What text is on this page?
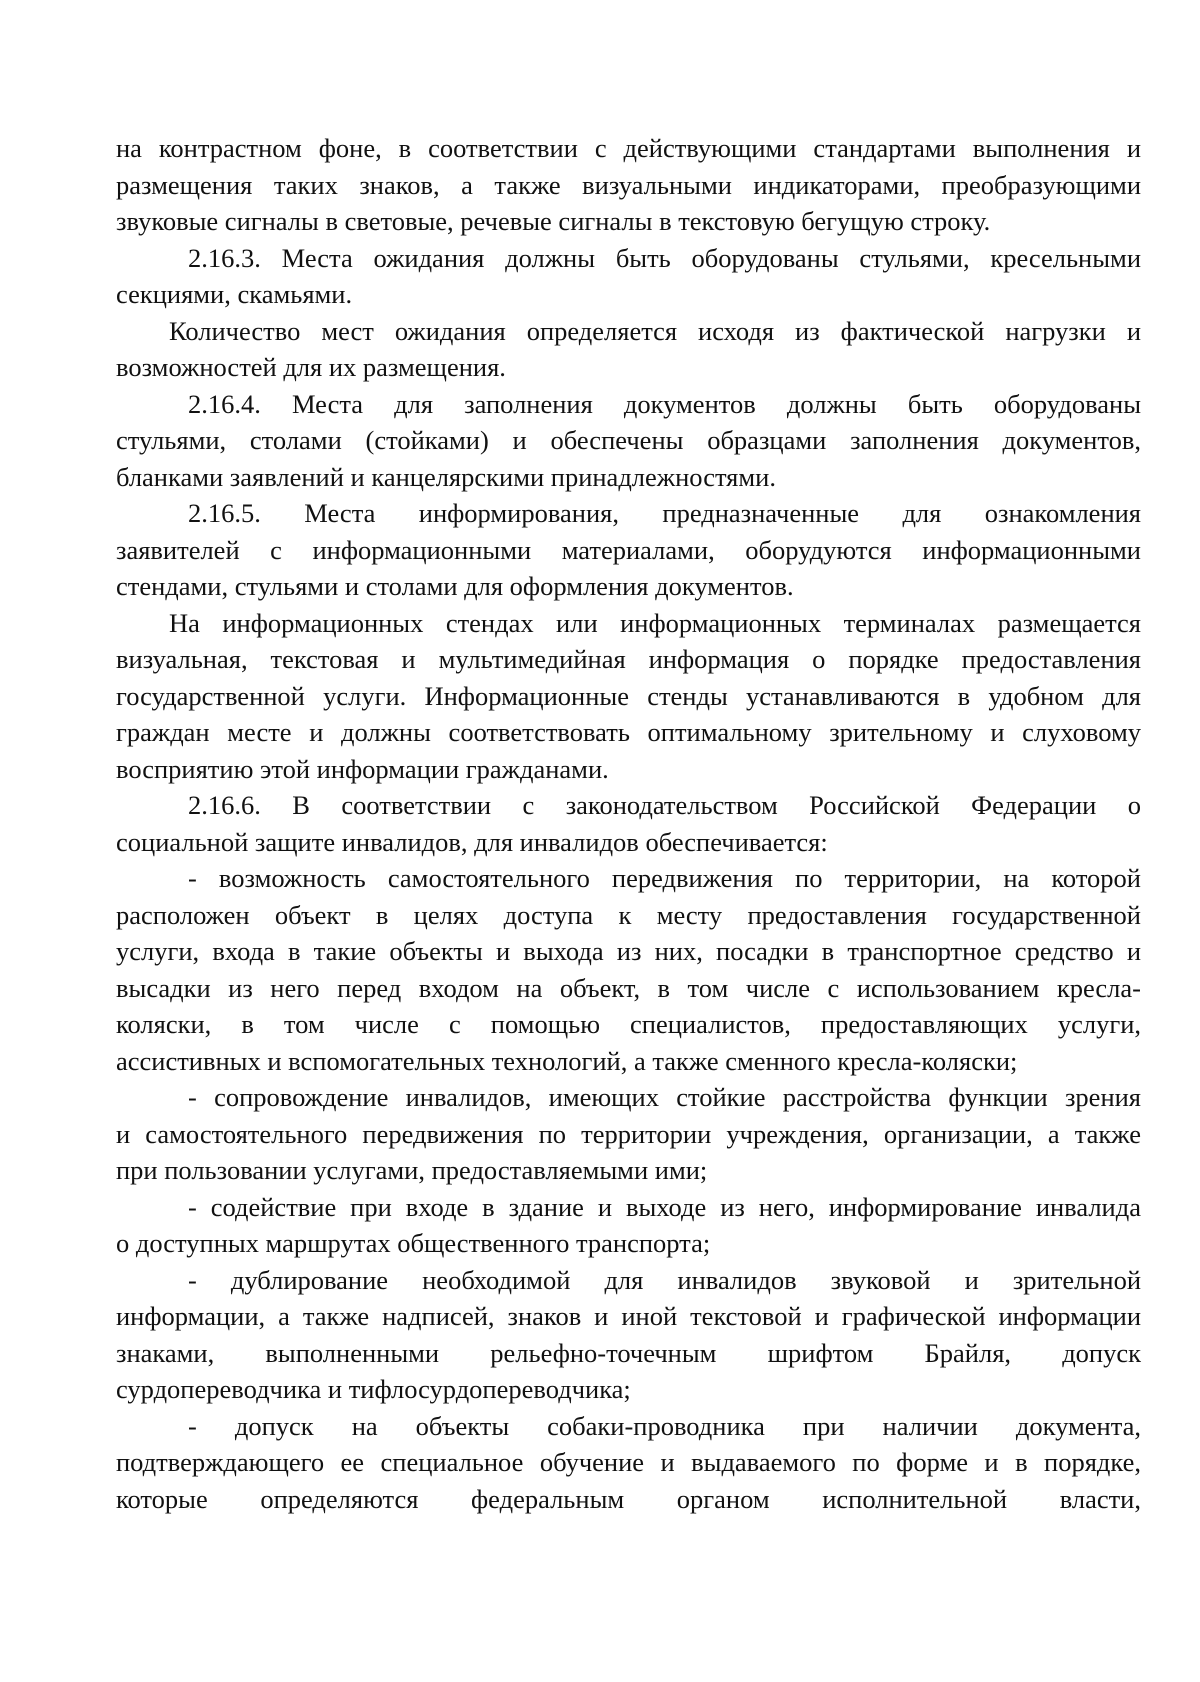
на контрастном фоне, в соответствии с действующими стандартами выполнения и
размещения таких знаков, а также визуальными индикаторами, преобразующими
звуковые сигналы в световые, речевые сигналы в текстовую бегущую строку.
2.16.3. Места ожидания должны быть оборудованы стульями, кресельными
секциями, скамьями.
Количество мест ожидания определяется исходя из фактической нагрузки и
возможностей для их размещения.
2.16.4. Места для заполнения документов должны быть оборудованы
стульями, столами (стойками) и обеспечены образцами заполнения документов,
бланками заявлений и канцелярскими принадлежностями.
2.16.5. Места информирования, предназначенные для ознакомления
заявителей с информационными материалами, оборудуются информационными
стендами, стульями и столами для оформления документов.
На информационных стендах или информационных терминалах размещается
визуальная, текстовая и мультимедийная информация о порядке предоставления
государственной услуги. Информационные стенды устанавливаются в удобном для
граждан месте и должны соответствовать оптимальному зрительному и слуховому
восприятию этой информации гражданами.
2.16.6. В соответствии с законодательством Российской Федерации о
социальной защите инвалидов, для инвалидов обеспечивается:
- возможность самостоятельного передвижения по территории, на которой
расположен объект в целях доступа к месту предоставления государственной
услуги, входа в такие объекты и выхода из них, посадки в транспортное средство и
высадки из него перед входом на объект, в том числе с использованием кресла-
коляски, в том числе с помощью специалистов, предоставляющих услуги,
ассистивных и вспомогательных технологий, а также сменного кресла-коляски;
- сопровождение инвалидов, имеющих стойкие расстройства функции зрения
и самостоятельного передвижения по территории учреждения, организации, а также
при пользовании услугами, предоставляемыми ими;
- содействие при входе в здание и выходе из него, информирование инвалида
о доступных маршрутах общественного транспорта;
- дублирование необходимой для инвалидов звуковой и зрительной
информации, а также надписей, знаков и иной текстовой и графической информации
знаками, выполненными рельефно-точечным шрифтом Брайля, допуск
сурдопереводчика и тифлосурдопереводчика;
- допуск на объекты собаки-проводника при наличии документа,
подтверждающего ее специальное обучение и выдаваемого по форме и в порядке,
которые определяются федеральным органом исполнительной власти,
